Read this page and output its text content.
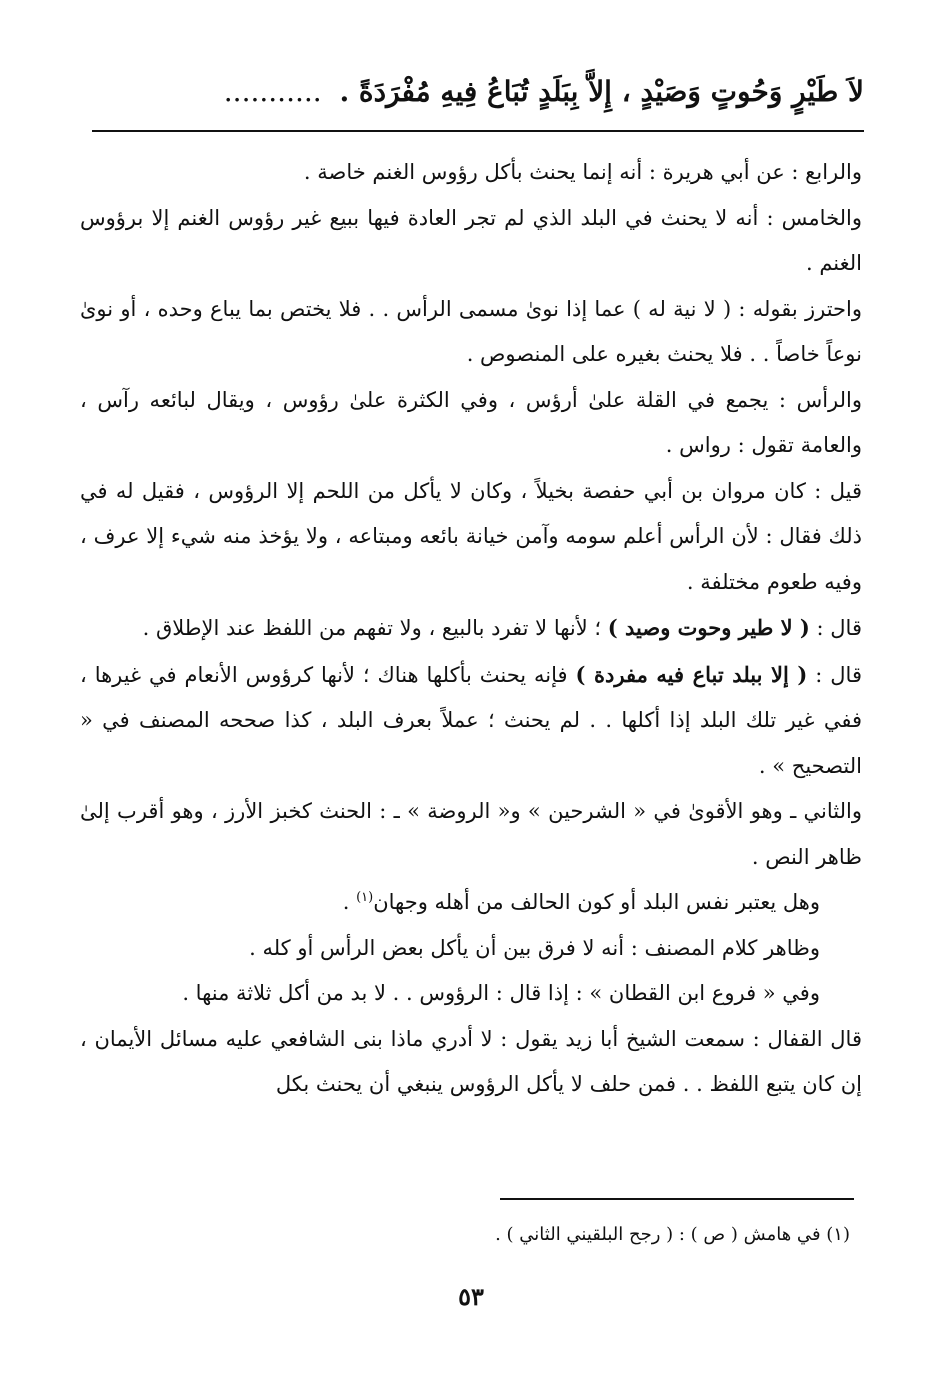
لاَ طَيْرٍ وَحُوتٍ وَصَيْدٍ ، إِلاَّ بِبَلَدٍ تُبَاعُ فِيهِ مُفْرَدَةً . ...........

والرابع : عن أبي هريرة : أنه إنما يحنث بأكل رؤوس الغنم خاصة .

والخامس : أنه لا يحنث في البلد الذي لم تجر العادة فيها ببيع غير رؤوس الغنم إلا برؤوس الغنم .

واحترز بقوله : ( لا نية له ) عما إذا نوىٰ مسمى الرأس . . فلا يختص بما يباع وحده ، أو نوىٰ نوعاً خاصاً . . فلا يحنث بغيره على المنصوص .

والرأس : يجمع في القلة علىٰ أرؤس ، وفي الكثرة علىٰ رؤوس ، ويقال لبائعه رآس ، والعامة تقول : رواس .

قيل : كان مروان بن أبي حفصة بخيلاً ، وكان لا يأكل من اللحم إلا الرؤوس ، فقيل له في ذلك فقال : لأن الرأس أعلم سومه وآمن خيانة بائعه ومبتاعه ، ولا يؤخذ منه شيء إلا عرف ، وفيه طعوم مختلفة .

قال : ( لا طير وحوت وصيد ) ؛ لأنها لا تفرد بالبيع ، ولا تفهم من اللفظ عند الإطلاق .

قال : ( إلا ببلد تباع فيه مفردة ) فإنه يحنث بأكلها هناك ؛ لأنها كرؤوس الأنعام في غيرها ، ففي غير تلك البلد إذا أكلها . . لم يحنث ؛ عملاً بعرف البلد ، كذا صححه المصنف في « التصحيح » .

والثاني ـ وهو الأقوىٰ في « الشرحين » و« الروضة » ـ : الحنث كخبز الأرز ، وهو أقرب إلىٰ ظاهر النص .

وهل يعتبر نفس البلد أو كون الحالف من أهله وجهان$^{(١)}$ .

وظاهر كلام المصنف : أنه لا فرق بين أن يأكل بعض الرأس أو كله .

وفي « فروع ابن القطان » : إذا قال : الرؤوس . . لا بد من أكل ثلاثة منها .

قال القفال : سمعت الشيخ أبا زيد يقول : لا أدري ماذا بنى الشافعي عليه مسائل الأيمان ، إن كان يتبع اللفظ . . فمن حلف لا يأكل الرؤوس ينبغي أن يحنث بكل

(١) في هامش ( ص ) : ( رجح البلقيني الثاني ) .
٥٣
